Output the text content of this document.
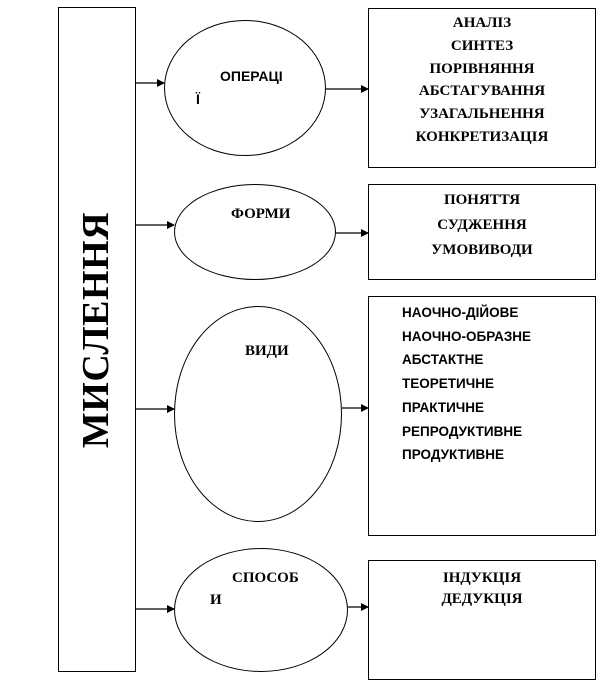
МИСЛЕННЯ
ОПЕРАЦІ
Ї
АНАЛІЗ
СИНТЕЗ
ПОРІВНЯННЯ
АБСТАГУВАННЯ
УЗАГАЛЬНЕННЯ
КОНКРЕТИЗАЦІЯ
ФОРМИ
ПОНЯТТЯ
СУДЖЕННЯ
УМОВИВОДИ
ВИДИ
НАОЧНО-ДІЙОВЕ
НАОЧНО-ОБРАЗНЕ
АБСТАКТНЕ
ТЕОРЕТИЧНЕ
ПРАКТИЧНЕ
РЕПРОДУКТИВНЕ
ПРОДУКТИВНЕ
СПОСОБ
И
ІНДУКЦІЯ
ДЕДУКЦІЯ
